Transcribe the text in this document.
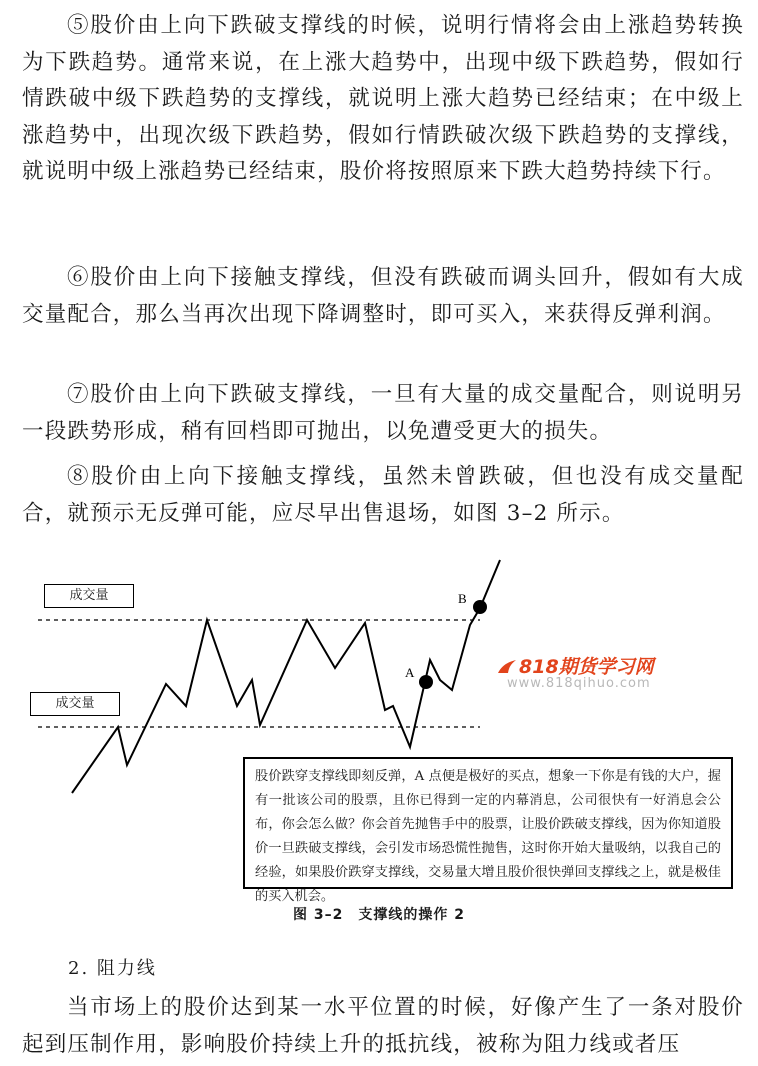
⑤股价由上向下跌破支撑线的时候，说明行情将会由上涨趋势转换为下跌趋势。通常来说，在上涨大趋势中，出现中级下跌趋势，假如行情跌破中级下跌趋势的支撑线，就说明上涨大趋势已经结束；在中级上涨趋势中，出现次级下跌趋势，假如行情跌破次级下跌趋势的支撑线，就说明中级上涨趋势已经结束，股价将按照原来下跌大趋势持续下行。

⑥股价由上向下接触支撑线，但没有跌破而调头回升，假如有大成交量配合，那么当再次出现下降调整时，即可买入，来获得反弹利润。

⑦股价由上向下跌破支撑线，一旦有大量的成交量配合，则说明另一段跌势形成，稍有回档即可抛出，以免遭受更大的损失。

⑧股价由上向下接触支撑线，虽然未曾跌破，但也没有成交量配合，就预示无反弹可能，应尽早出售退场，如图 3–2 所示。

A
B
成交量
成交量
818期货学习网
www.818qihuo.com
股价跌穿支撑线即刻反弹，A 点便是极好的买点，想象一下你是有钱的大户，握有一批该公司的股票，且你已得到一定的内幕消息，公司很快有一好消息会公布，你会怎么做？你会首先抛售手中的股票，让股价跌破支撑线，因为你知道股价一旦跌破支撑线，会引发市场恐慌性抛售，这时你开始大量吸纳，以我自己的经验，如果股价跌穿支撑线，交易量大增且股价很快弹回支撑线之上，就是极佳的买入机会。
图 3–2　支撑线的操作 2
2. 阻力线

当市场上的股价达到某一水平位置的时候，好像产生了一条对股价起到压制作用，影响股价持续上升的抵抗线，被称为阻力线或者压
